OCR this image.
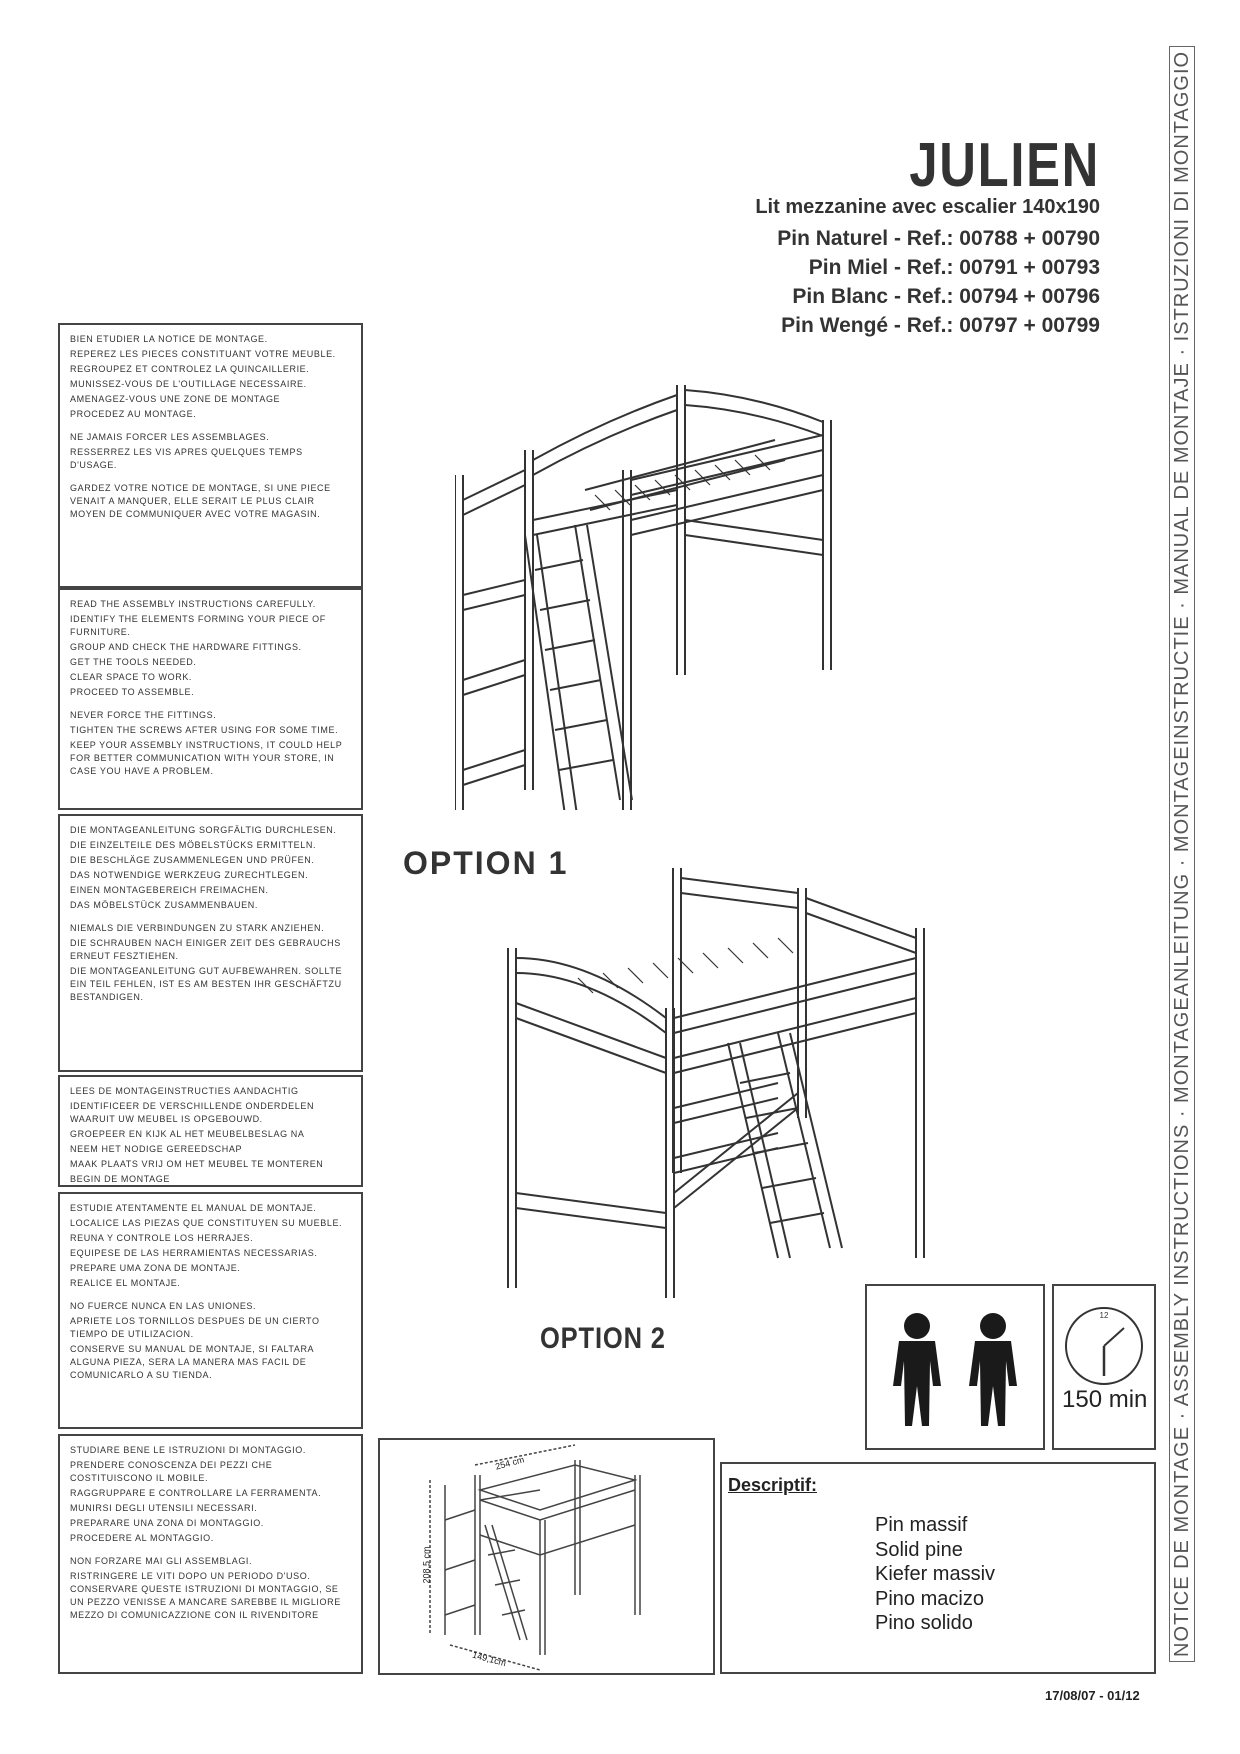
JULIEN
Lit mezzanine avec escalier 140x190
Pin Naturel - Ref.: 00788 + 00790
Pin Miel - Ref.: 00791 + 00793
Pin Blanc - Ref.: 00794 + 00796
Pin Wengé - Ref.: 00797 + 00799	NOTICE DE MONTAGE · ASSEMBLY INSTRUCTIONS · MONTAGEANLEITUNG · MONTAGEINSTRUCTIE · MANUAL DE MONTAJE · ISTRUZIONI DI MONTAGGIO

BIEN ETUDIER LA NOTICE DE MONTAGE.

REPEREZ LES PIECES CONSTITUANT VOTRE MEUBLE.

REGROUPEZ ET CONTROLEZ LA QUINCAILLERIE.

MUNISSEZ-VOUS DE L'OUTILLAGE NECESSAIRE.

AMENAGEZ-VOUS UNE ZONE DE MONTAGE

PROCEDEZ AU MONTAGE.

NE JAMAIS FORCER LES ASSEMBLAGES.

RESSERREZ LES VIS APRES QUELQUES TEMPS D'USAGE.

GARDEZ VOTRE NOTICE DE MONTAGE, SI UNE PIECE VENAIT A MANQUER, ELLE SERAIT LE PLUS CLAIR MOYEN DE COMMUNIQUER AVEC VOTRE MAGASIN.

READ THE ASSEMBLY INSTRUCTIONS CAREFULLY.

IDENTIFY THE ELEMENTS FORMING YOUR PIECE OF FURNITURE.

GROUP AND CHECK THE HARDWARE FITTINGS.

GET THE TOOLS NEEDED.

CLEAR SPACE TO WORK.

PROCEED TO ASSEMBLE.

NEVER FORCE THE FITTINGS.

TIGHTEN THE SCREWS AFTER USING FOR SOME TIME.

KEEP YOUR ASSEMBLY INSTRUCTIONS, IT COULD HELP FOR BETTER COMMUNICATION WITH YOUR STORE, IN CASE YOU HAVE A PROBLEM.

DIE MONTAGEANLEITUNG SORGFÄLTIG DURCHLESEN.

DIE EINZELTEILE DES MÖBELSTÜCKS ERMITTELN.

DIE BESCHLÄGE ZUSAMMENLEGEN UND PRÜFEN.

DAS NOTWENDIGE WERKZEUG ZURECHTLEGEN.

EINEN MONTAGEBEREICH FREIMACHEN.

DAS MÖBELSTÜCK ZUSAMMENBAUEN.

NIEMALS DIE VERBINDUNGEN ZU STARK ANZIEHEN.

DIE SCHRAUBEN NACH EINIGER ZEIT DES GEBRAUCHS ERNEUT FESZTIEHEN.

DIE MONTAGEANLEITUNG GUT AUFBEWAHREN. SOLLTE EIN TEIL FEHLEN, IST ES AM BESTEN IHR GESCHÄFTZU BESTANDIGEN.

LEES DE MONTAGEINSTRUCTIES AANDACHTIG

IDENTIFICEER DE VERSCHILLENDE ONDERDELEN WAARUIT UW MEUBEL IS OPGEBOUWD.

GROEPEER EN KIJK AL HET MEUBELBESLAG NA

NEEM HET NODIGE GEREEDSCHAP

MAAK PLAATS VRIJ OM HET MEUBEL TE MONTEREN

BEGIN DE MONTAGE

ESTUDIE ATENTAMENTE EL MANUAL DE MONTAJE.

LOCALICE LAS PIEZAS QUE CONSTITUYEN SU MUEBLE.

REUNA Y CONTROLE LOS HERRAJES.

EQUIPESE DE LAS HERRAMIENTAS NECESSARIAS.

PREPARE UMA ZONA DE MONTAJE.

REALICE EL MONTAJE.

NO FUERCE NUNCA EN LAS UNIONES.

APRIETE LOS TORNILLOS DESPUES DE UN CIERTO TIEMPO DE UTILIZACION.

CONSERVE SU MANUAL DE MONTAJE, SI FALTARA ALGUNA PIEZA, SERA LA MANERA MAS FACIL DE COMUNICARLO A SU TIENDA.

STUDIARE BENE LE ISTRUZIONI DI MONTAGGIO.

PRENDERE CONOSCENZA DEI PEZZI CHE COSTITUISCONO IL MOBILE.

RAGGRUPPARE E CONTROLLARE LA FERRAMENTA.

MUNIRSI DEGLI UTENSILI NECESSARI.

PREPARARE UNA ZONA DI MONTAGGIO.

PROCEDERE AL MONTAGGIO.

NON FORZARE MAI GLI ASSEMBLAGI.

RISTRINGERE LE VITI DOPO UN PERIODO D'USO. CONSERVARE QUESTE ISTRUZIONI DI MONTAGGIO, SE UN PEZZO VENISSE A MANCARE SAREBBE IL MIGLIORE MEZZO DI COMUNICAZZIONE CON IL RIVENDITORE

OPTION 1
OPTION 2
12
150 min
254 cm
208,5 cm
149,1cm
Descriptif:
Pin massif
Solid pine
Kiefer massiv
Pino macizo
Pino solido
17/08/07 - 01/12
